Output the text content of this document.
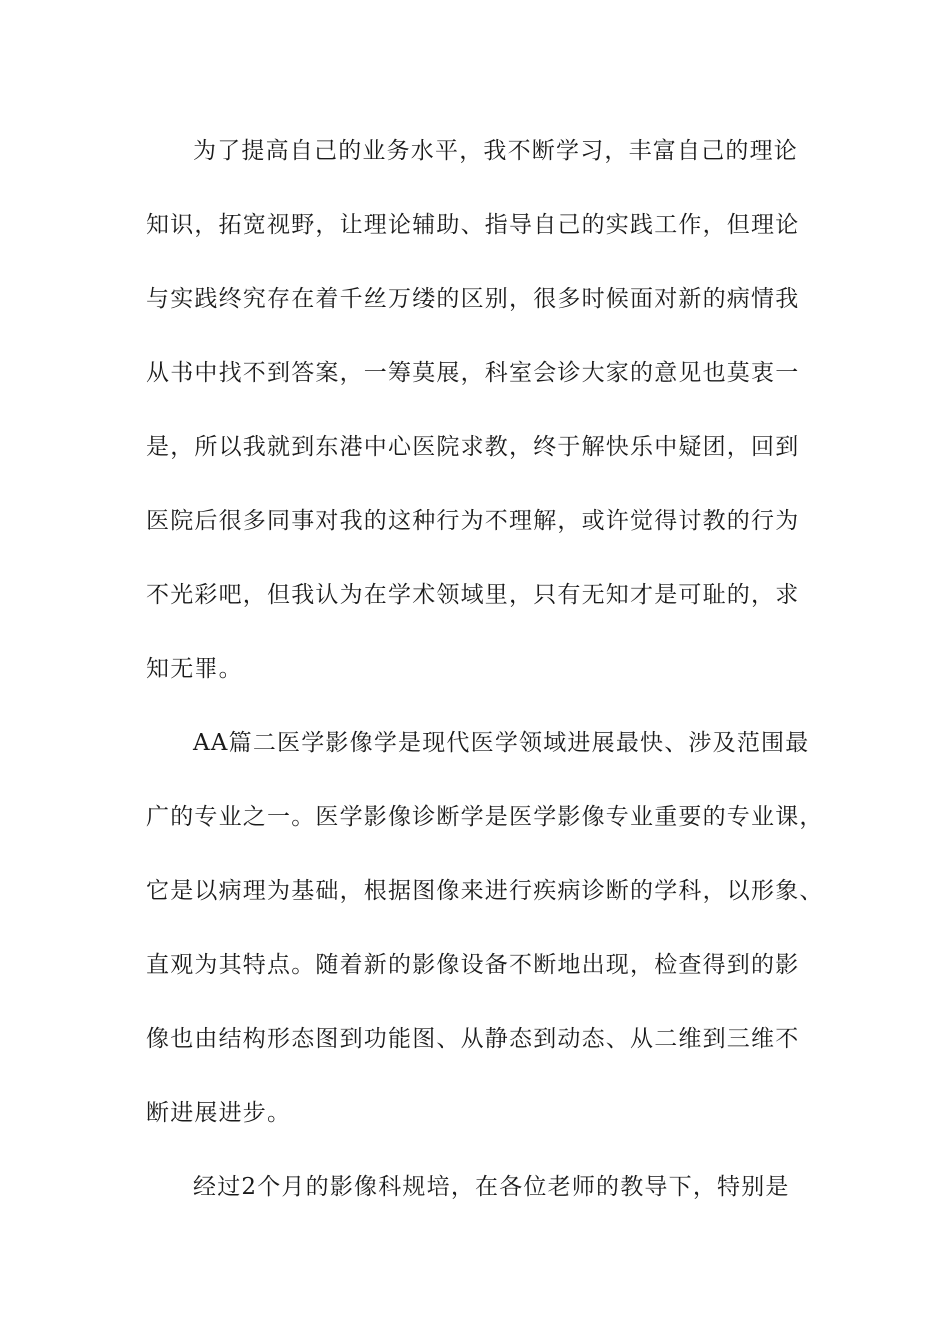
为了提高自己的业务水平，我不断学习，丰富自己的理论
知识，拓宽视野，让理论辅助、指导自己的实践工作，但理论
与实践终究存在着千丝万缕的区别，很多时候面对新的病情我
从书中找不到答案，一筹莫展，科室会诊大家的意见也莫衷一
是，所以我就到东港中心医院求教，终于解快乐中疑团，回到
医院后很多同事对我的这种行为不理解，或许觉得讨教的行为
不光彩吧，但我认为在学术领域里，只有无知才是可耻的，求
知无罪。
AA篇二医学影像学是现代医学领域进展最快、涉及范围最
广的专业之一。医学影像诊断学是医学影像专业重要的专业课，
它是以病理为基础，根据图像来进行疾病诊断的学科，以形象、
直观为其特点。随着新的影像设备不断地出现，检查得到的影
像也由结构形态图到功能图、从静态到动态、从二维到三维不
断进展进步。
经过2个月的影像科规培，在各位老师的教导下，特别是
